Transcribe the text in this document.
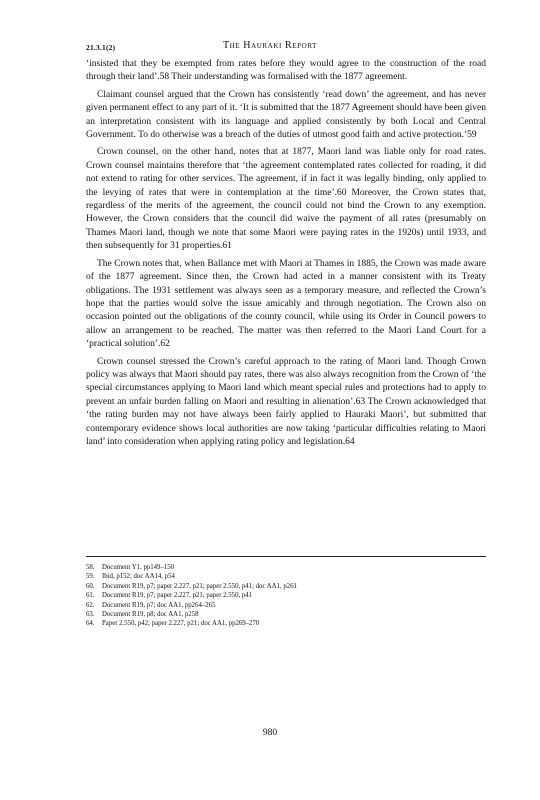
21.3.1(2)	The Hauraki Report

‘insisted that they be exempted from rates before they would agree to the construction of the road through their land’.58 Their understanding was formalised with the 1877 agreement.

Claimant counsel argued that the Crown has consistently ‘read down’ the agreement, and has never given permanent effect to any part of it. ‘It is submitted that the 1877 Agreement should have been given an interpretation consistent with its language and applied consistently by both Local and Central Government. To do otherwise was a breach of the duties of utmost good faith and active protection.’59

Crown counsel, on the other hand, notes that at 1877, Maori land was liable only for road rates. Crown counsel maintains therefore that ‘the agreement contemplated rates collected for roading, it did not extend to rating for other services. The agreement, if in fact it was legally binding, only applied to the levying of rates that were in contemplation at the time’.60 Moreover, the Crown states that, regardless of the merits of the agreement, the council could not bind the Crown to any exemption. However, the Crown considers that the council did waive the payment of all rates (presumably on Thames Maori land, though we note that some Maori were paying rates in the 1920s) until 1933, and then subsequently for 31 properties.61

The Crown notes that, when Ballance met with Maori at Thames in 1885, the Crown was made aware of the 1877 agreement. Since then, the Crown had acted in a manner consistent with its Treaty obligations. The 1931 settlement was always seen as a temporary measure, and reflected the Crown’s hope that the parties would solve the issue amicably and through negotiation. The Crown also on occasion pointed out the obligations of the county council, while using its Order in Council powers to allow an arrangement to be reached. The matter was then referred to the Maori Land Court for a ‘practical solution’.62

Crown counsel stressed the Crown’s careful approach to the rating of Maori land. Though Crown policy was always that Maori should pay rates, there was also always recognition from the Crown of ‘the special circumstances applying to Maori land which meant special rules and protections had to apply to prevent an unfair burden falling on Maori and resulting in alienation’.63 The Crown acknowledged that ‘the rating burden may not have always been fairly applied to Hauraki Maori’, but submitted that contemporary evidence shows local authorities are now taking ‘particular difficulties relating to Maori land’ into consideration when applying rating policy and legislation.64

58.	Document Y1, pp149–150
59.	Ibid, p152; doc AA14, p54
60.	Document R19, p7; paper 2.227, p21; paper 2.550, p41; doc AA1, p261
61.	Document R19, p7; paper 2.227, p21; paper 2.550, p41
62.	Document R19, p7; doc AA1, pp264–265
63.	Document R19, p8; doc AA1, p258
64.	Paper 2.550, p42; paper 2.227, p21; doc AA1, pp269–270
980
